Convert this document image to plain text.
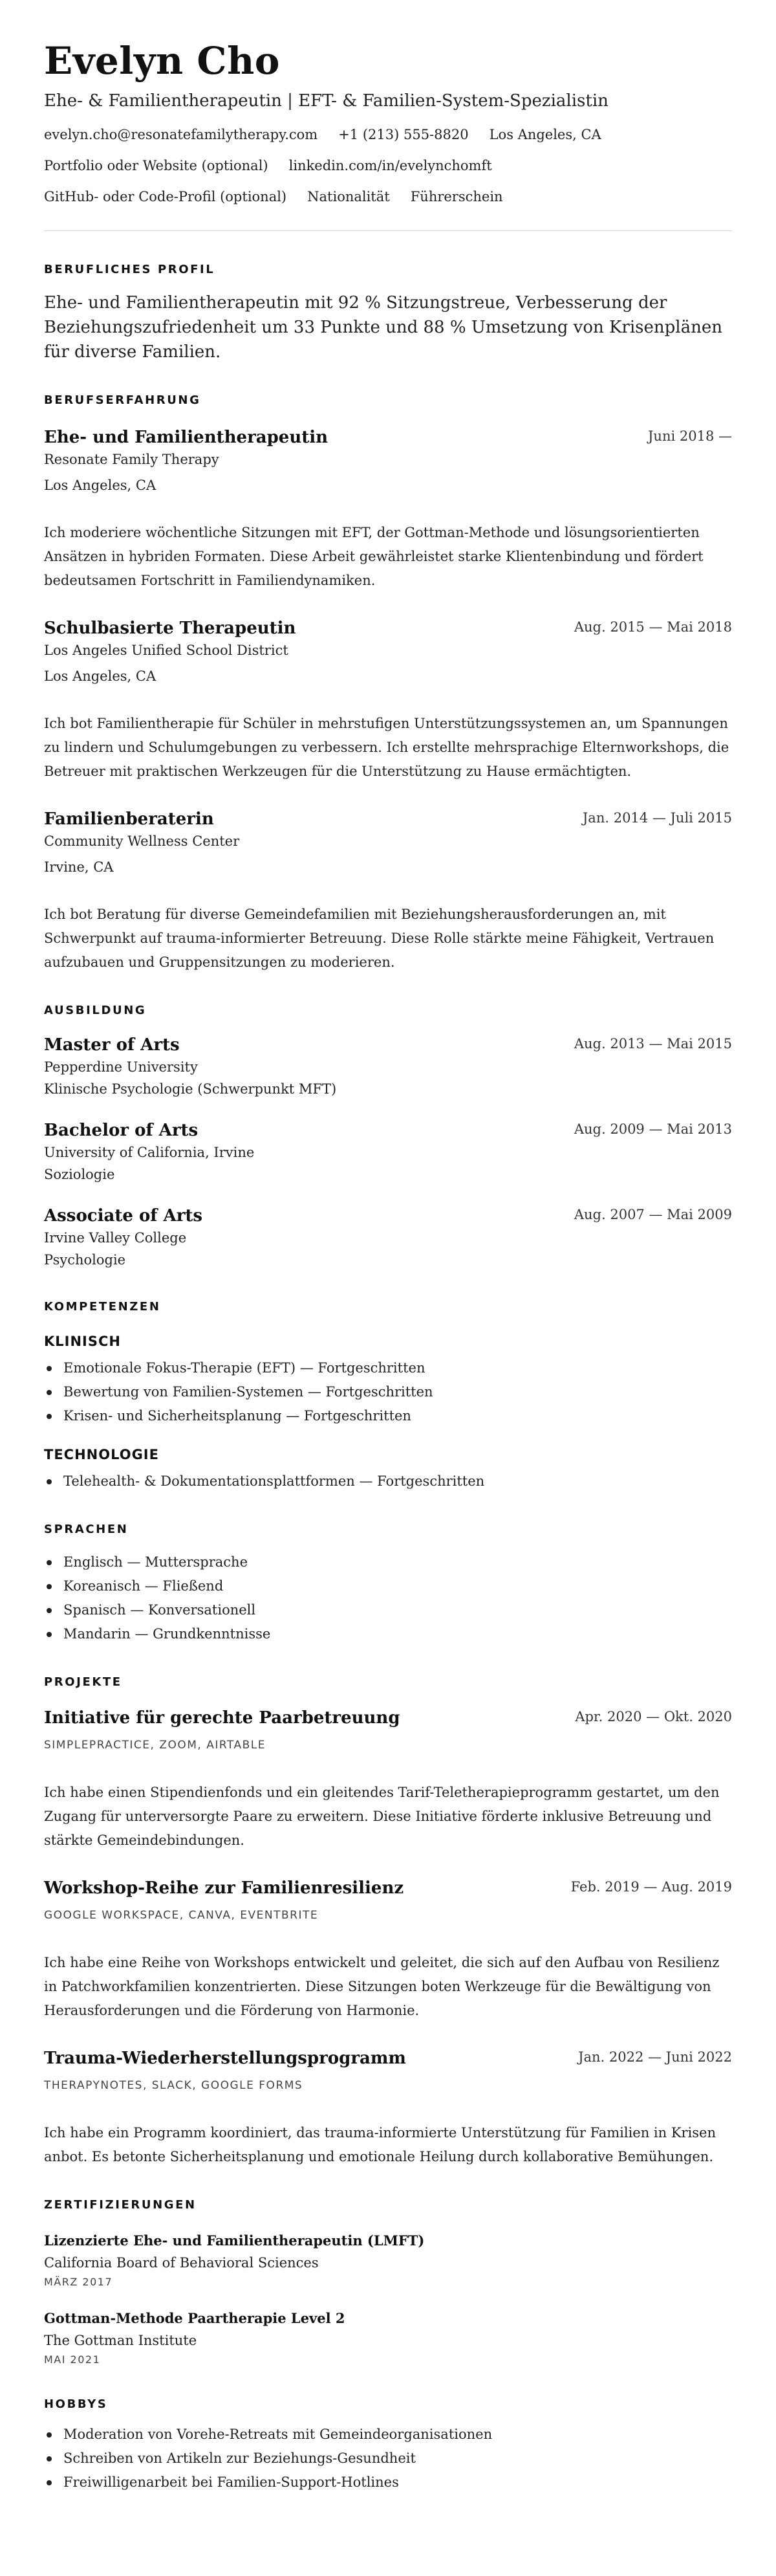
Evelyn Cho
Ehe- & Familientherapeutin | EFT- & Familien-System-Spezialistin
evelyn.cho@resonatefamilytherapy.com +1 (213) 555-8820 Los Angeles, CA
Portfolio oder Website (optional) linkedin.com/in/evelynchomft
GitHub- oder Code-Profil (optional) Nationalität Führerschein
BERUFLICHES PROFIL

Ehe- und Familientherapeutin mit 92 % Sitzungstreue, Verbesserung der Beziehungszufriedenheit um 33 Punkte und 88 % Umsetzung von Krisenplänen für diverse Familien.

BERUFSERFAHRUNG
Ehe- und Familientherapeutin	Juni 2018 —
Resonate Family Therapy
Los Angeles, CA

Ich moderiere wöchentliche Sitzungen mit EFT, der Gottman-Methode und lösungsorientierten Ansätzen in hybriden Formaten. Diese Arbeit gewährleistet starke Klientenbindung und fördert bedeutsamen Fortschritt in Familiendynamiken.

Schulbasierte Therapeutin	Aug. 2015 — Mai 2018
Los Angeles Unified School District
Los Angeles, CA

Ich bot Familientherapie für Schüler in mehrstufigen Unterstützungssystemen an, um Spannungen zu lindern und Schulumgebungen zu verbessern. Ich erstellte mehrsprachige Elternworkshops, die Betreuer mit praktischen Werkzeugen für die Unterstützung zu Hause ermächtigten.

Familienberaterin	Jan. 2014 — Juli 2015
Community Wellness Center
Irvine, CA

Ich bot Beratung für diverse Gemeindefamilien mit Beziehungsherausforderungen an, mit Schwerpunkt auf trauma-informierter Betreuung. Diese Rolle stärkte meine Fähigkeit, Vertrauen aufzubauen und Gruppensitzungen zu moderieren.

AUSBILDUNG
Master of Arts	Aug. 2013 — Mai 2015
Pepperdine University
Klinische Psychologie (Schwerpunkt MFT)
Bachelor of Arts	Aug. 2009 — Mai 2013
University of California, Irvine
Soziologie
Associate of Arts	Aug. 2007 — Mai 2009
Irvine Valley College
Psychologie
KOMPETENZEN
KLINISCH
Emotionale Fokus-Therapie (EFT) — Fortgeschritten
Bewertung von Familien-Systemen — Fortgeschritten
Krisen- und Sicherheitsplanung — Fortgeschritten
TECHNOLOGIE
Telehealth- & Dokumentationsplattformen — Fortgeschritten
SPRACHEN
Englisch — Muttersprache
Koreanisch — Fließend
Spanisch — Konversationell
Mandarin — Grundkenntnisse
PROJEKTE
Initiative für gerechte Paarbetreuung	Apr. 2020 — Okt. 2020
SIMPLEPRACTICE, ZOOM, AIRTABLE

Ich habe einen Stipendienfonds und ein gleitendes Tarif-Teletherapieprogramm gestartet, um den Zugang für unterversorgte Paare zu erweitern. Diese Initiative förderte inklusive Betreuung und stärkte Gemeindebindungen.

Workshop-Reihe zur Familienresilienz	Feb. 2019 — Aug. 2019
GOOGLE WORKSPACE, CANVA, EVENTBRITE

Ich habe eine Reihe von Workshops entwickelt und geleitet, die sich auf den Aufbau von Resilienz in Patchworkfamilien konzentrierten. Diese Sitzungen boten Werkzeuge für die Bewältigung von Herausforderungen und die Förderung von Harmonie.

Trauma-Wiederherstellungsprogramm	Jan. 2022 — Juni 2022
THERAPYNOTES, SLACK, GOOGLE FORMS

Ich habe ein Programm koordiniert, das trauma-informierte Unterstützung für Familien in Krisen anbot. Es betonte Sicherheitsplanung und emotionale Heilung durch kollaborative Bemühungen.

ZERTIFIZIERUNGEN
Lizenzierte Ehe- und Familientherapeutin (LMFT)
California Board of Behavioral Sciences
MÄRZ 2017
Gottman-Methode Paartherapie Level 2
The Gottman Institute
MAI 2021
HOBBYS
Moderation von Vorehe-Retreats mit Gemeindeorganisationen
Schreiben von Artikeln zur Beziehungs-Gesundheit
Freiwilligenarbeit bei Familien-Support-Hotlines
